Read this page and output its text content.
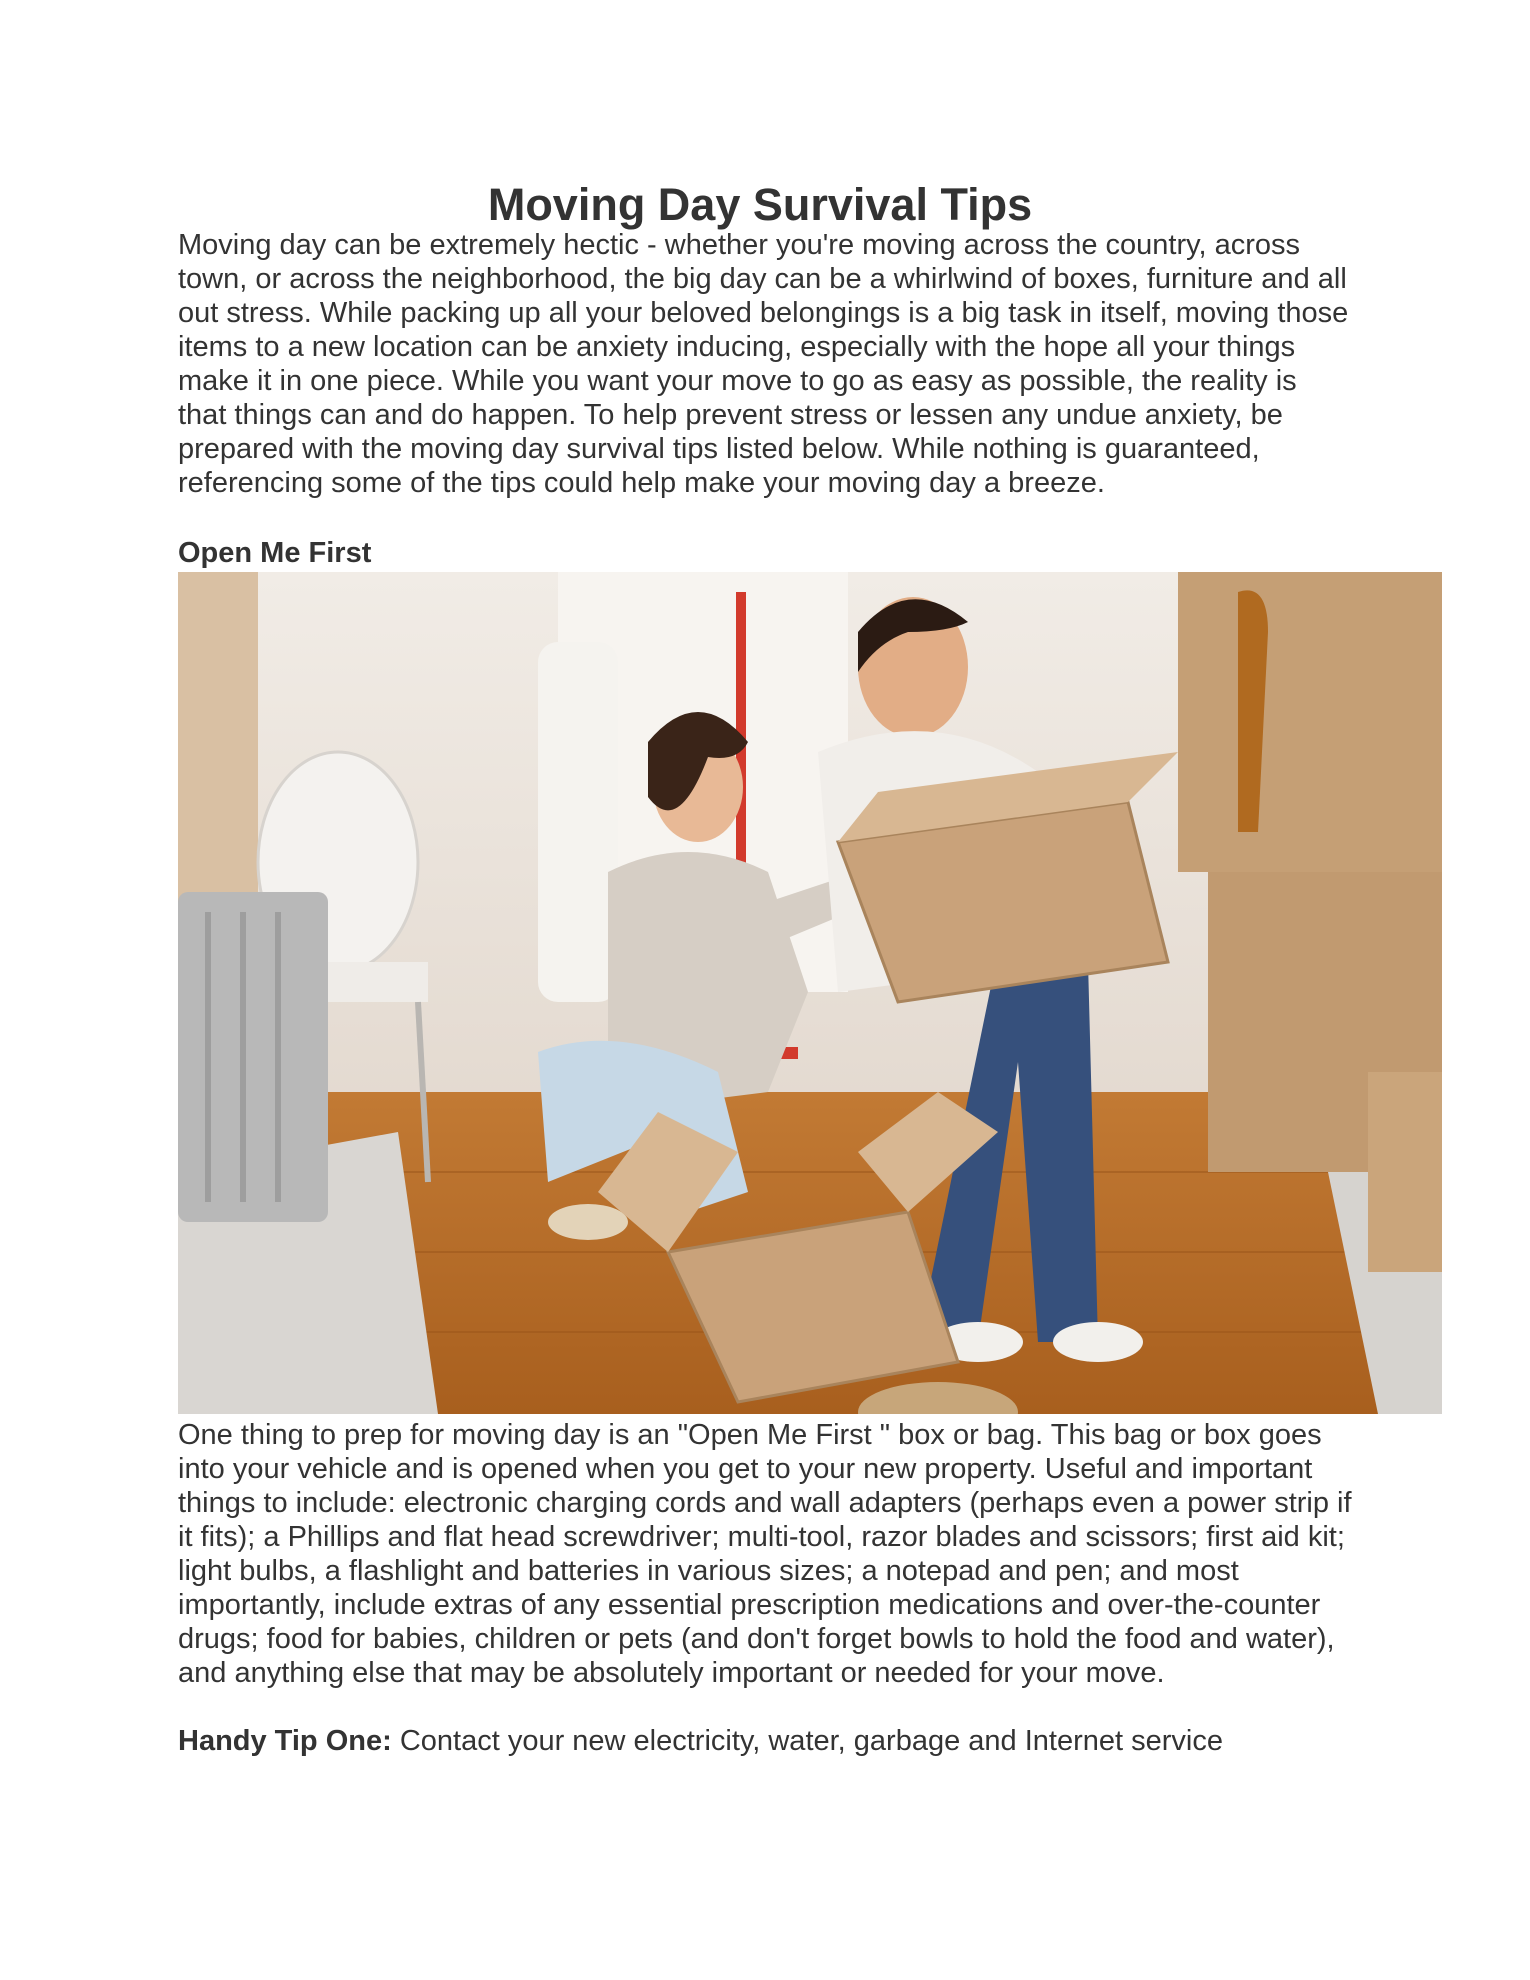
Moving Day Survival Tips
Moving day can be extremely hectic - whether you're moving across the country, across town, or across the neighborhood, the big day can be a whirlwind of boxes, furniture and all out stress. While packing up all your beloved belongings is a big task in itself, moving those items to a new location can be anxiety inducing, especially with the hope all your things make it in one piece. While you want your move to go as easy as possible, the reality is that things can and do happen. To help prevent stress or lessen any undue anxiety, be prepared with the moving day survival tips listed below. While nothing is guaranteed, referencing some of the tips could help make your moving day a breeze.
Open Me First
One thing to prep for moving day is an "Open Me First " box or bag. This bag or box goes into your vehicle and is opened when you get to your new property. Useful and important things to include: electronic charging cords and wall adapters (perhaps even a power strip if it fits); a Phillips and flat head screwdriver; multi-tool, razor blades and scissors; first aid kit; light bulbs, a flashlight and batteries in various sizes; a notepad and pen; and most importantly, include extras of any essential prescription medications and over-the-counter drugs; food for babies, children or pets (and don't forget bowls to hold the food and water), and anything else that may be absolutely important or needed for your move.
Handy Tip One: Contact your new electricity, water, garbage and Internet service
